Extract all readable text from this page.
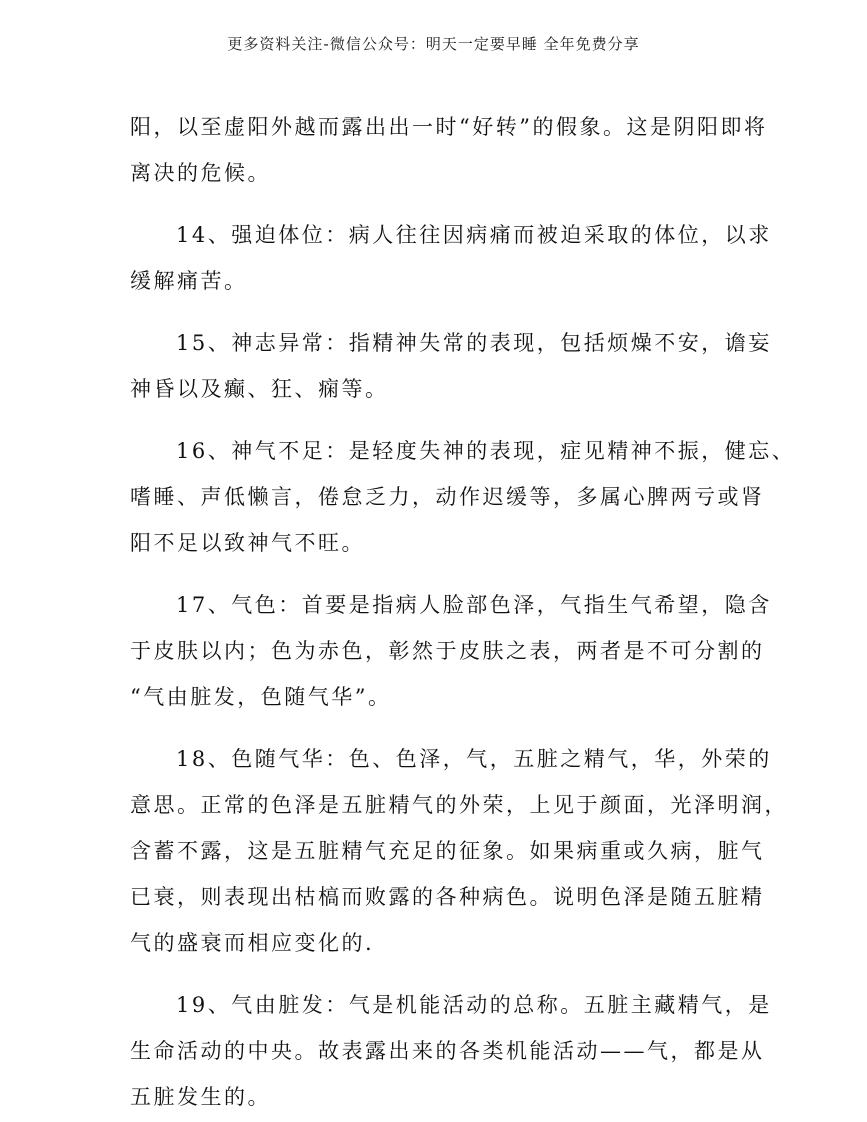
更多资料关注-微信公众号：明天一定要早睡 全年免费分享
阳，以至虚阳外越而露出出一时“好转”的假象。这是阴阳即将
离决的危候。
14、强迫体位：病人往往因病痛而被迫采取的体位，以求
缓解痛苦。
15、神志异常：指精神失常的表现，包括烦燥不安，谵妄
神昏以及癫、狂、痫等。
16、神气不足：是轻度失神的表现，症见精神不振，健忘、
嗜睡、声低懒言，倦怠乏力，动作迟缓等，多属心脾两亏或肾
阳不足以致神气不旺。
17、气色：首要是指病人脸部色泽，气指生气希望，隐含
于皮肤以内；色为赤色，彰然于皮肤之表，两者是不可分割的
“气由脏发，色随气华”。
18、色随气华：色、色泽，气，五脏之精气，华，外荣的
意思。正常的色泽是五脏精气的外荣，上见于颜面，光泽明润，
含蓄不露，这是五脏精气充足的征象。如果病重或久病，脏气
已衰，则表现出枯槁而败露的各种病色。说明色泽是随五脏精
气的盛衰而相应变化的.
19、气由脏发：气是机能活动的总称。五脏主藏精气，是
生命活动的中央。故表露出来的各类机能活动——气，都是从
五脏发生的。
